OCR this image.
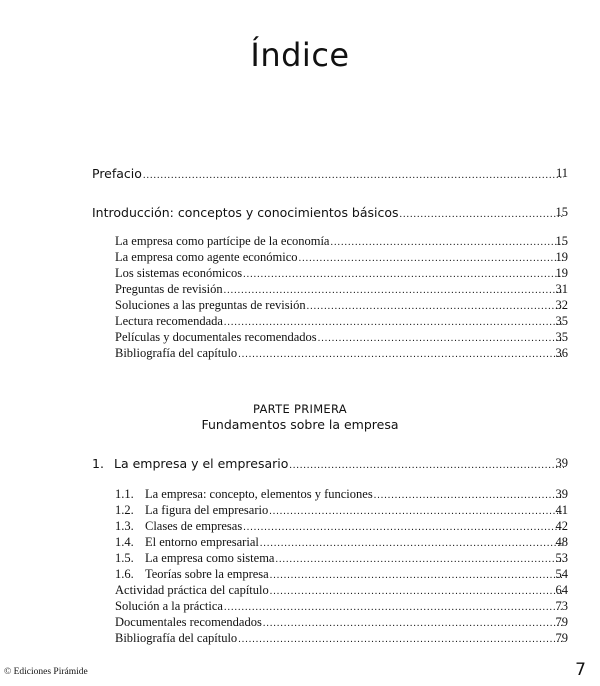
Índice
Prefacio .....	11
Introducción: conceptos y conocimientos básicos .....	15
La empresa como partícipe de la economía .....	15
La empresa como agente económico .....	19
Los sistemas económicos .....	19
Preguntas de revisión .....	31
Soluciones a las preguntas de revisión .....	32
Lectura recomendada .....	35
Películas y documentales recomendados .....	35
Bibliografía del capítulo .....	36
PARTE PRIMERA
Fundamentos sobre la empresa
1. La empresa y el empresario .....	39
1.1. La empresa: concepto, elementos y funciones .....	39
1.2. La figura del empresario .....	41
1.3. Clases de empresas .....	42
1.4. El entorno empresarial .....	48
1.5. La empresa como sistema .....	53
1.6. Teorías sobre la empresa .....	54
Actividad práctica del capítulo .....	64
Solución a la práctica .....	73
Documentales recomendados .....	79
Bibliografía del capítulo .....	79
© Ediciones Pirámide	7
